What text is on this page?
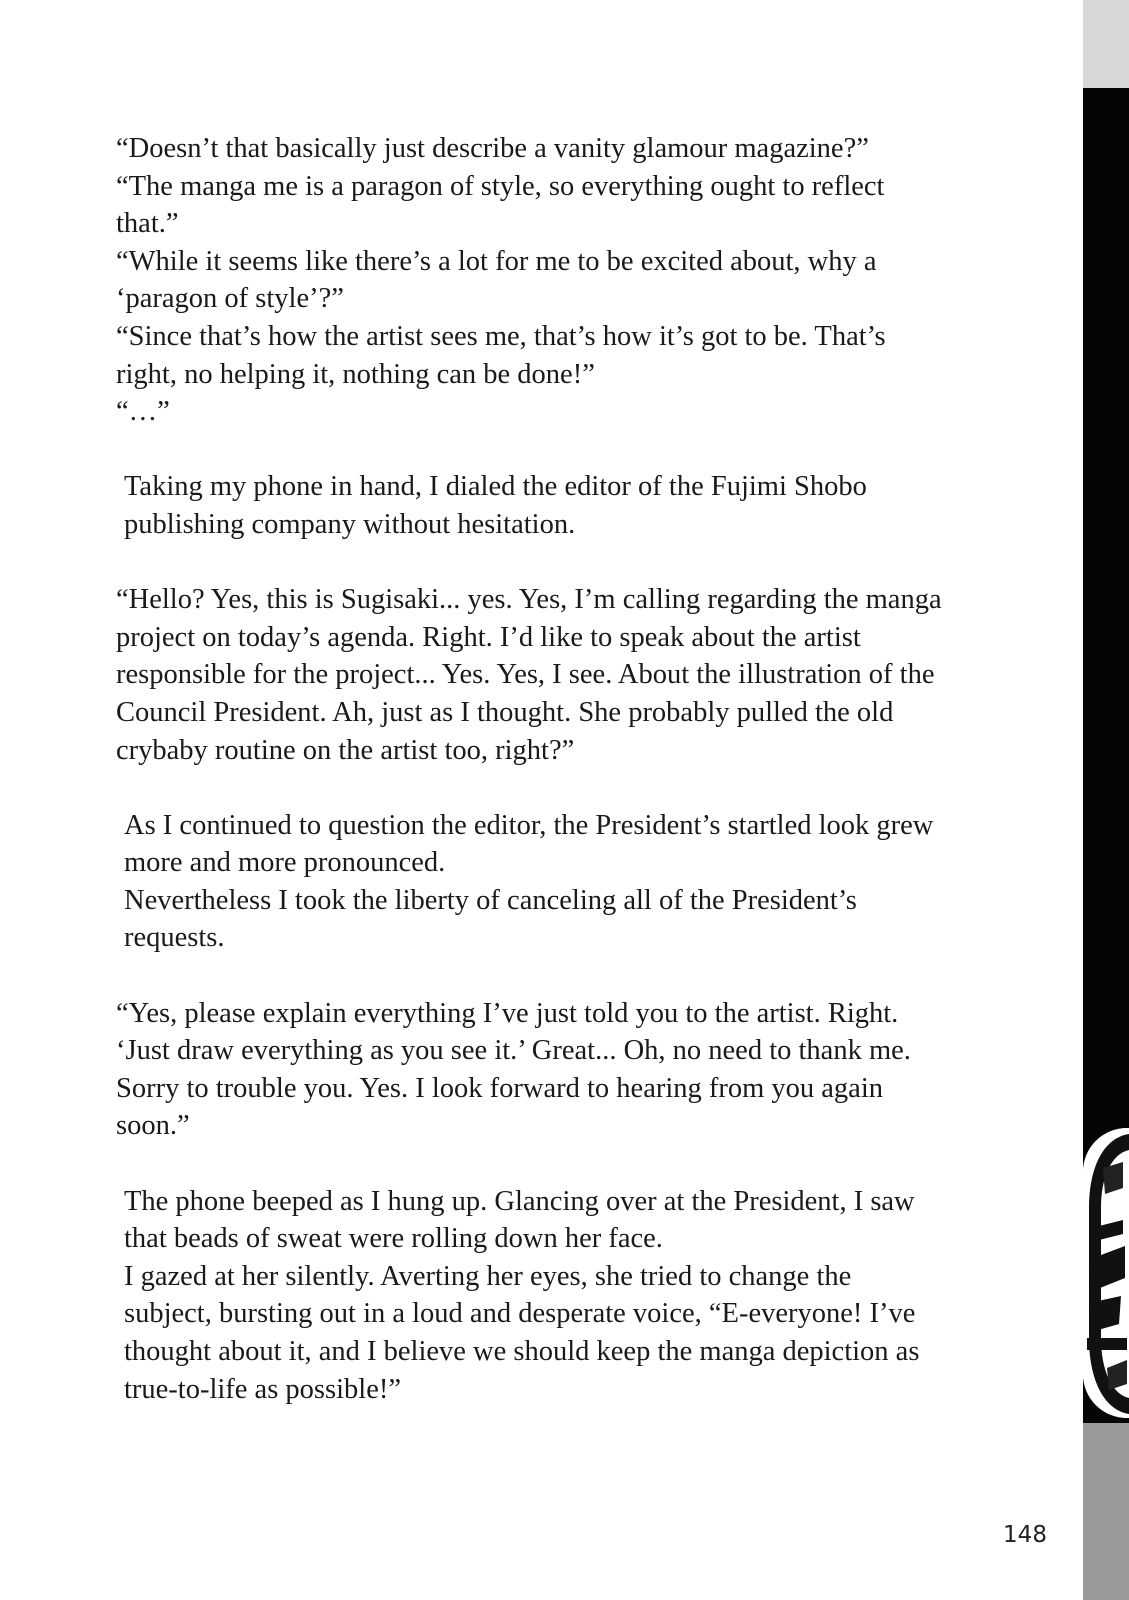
“Doesn’t that basically just describe a vanity glamour magazine?”
“The manga me is a paragon of style, so everything ought to reflect
that.”
“While it seems like there’s a lot for me to be excited about, why a
‘paragon of style’?”
“Since that’s how the artist sees me, that’s how it’s got to be. That’s
right, no helping it, nothing can be done!”
“…”
Taking my phone in hand, I dialed the editor of the Fujimi Shobo
publishing company without hesitation.
“Hello? Yes, this is Sugisaki... yes. Yes, I’m calling regarding the manga
project on today’s agenda. Right. I’d like to speak about the artist
responsible for the project... Yes. Yes, I see. About the illustration of the
Council President. Ah, just as I thought. She probably pulled the old
crybaby routine on the artist too, right?”
As I continued to question the editor, the President’s startled look grew
more and more pronounced.
Nevertheless I took the liberty of canceling all of the President’s
requests.
“Yes, please explain everything I’ve just told you to the artist. Right.
‘Just draw everything as you see it.’ Great... Oh, no need to thank me.
Sorry to trouble you. Yes. I look forward to hearing from you again
soon.”
The phone beeped as I hung up. Glancing over at the President, I saw
that beads of sweat were rolling down her face.
I gazed at her silently. Averting her eyes, she tried to change the
subject, bursting out in a loud and desperate voice, “E-everyone! I’ve
thought about it, and I believe we should keep the manga depiction as
true-to-life as possible!”
148
